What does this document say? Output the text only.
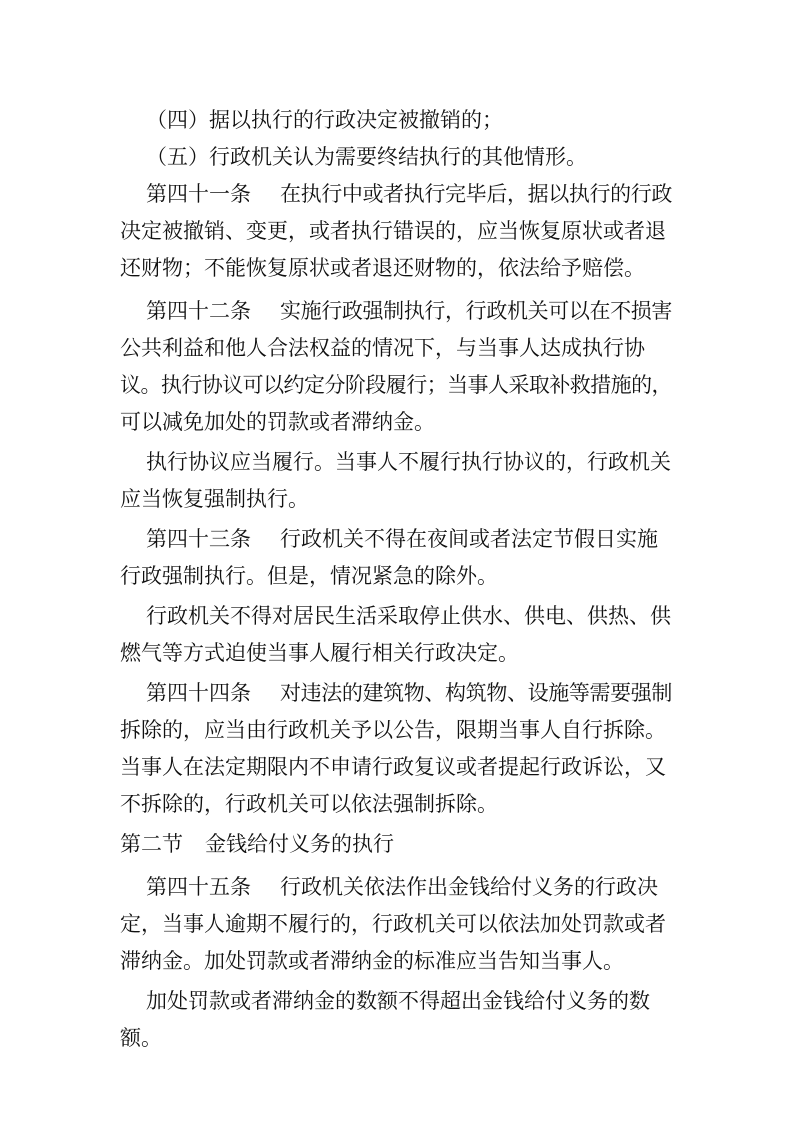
（四）据以执行的行政决定被撤销的；
（五）行政机关认为需要终结执行的其他情形。
第四十一条 在执行中或者执行完毕后，据以执行的行政
决定被撤销、变更，或者执行错误的，应当恢复原状或者退
还财物；不能恢复原状或者退还财物的，依法给予赔偿。
第四十二条 实施行政强制执行，行政机关可以在不损害
公共利益和他人合法权益的情况下，与当事人达成执行协
议。执行协议可以约定分阶段履行；当事人采取补救措施的，
可以减免加处的罚款或者滞纳金。
执行协议应当履行。当事人不履行执行协议的，行政机关
应当恢复强制执行。
第四十三条 行政机关不得在夜间或者法定节假日实施
行政强制执行。但是，情况紧急的除外。
行政机关不得对居民生活采取停止供水、供电、供热、供
燃气等方式迫使当事人履行相关行政决定。
第四十四条 对违法的建筑物、构筑物、设施等需要强制
拆除的，应当由行政机关予以公告，限期当事人自行拆除。
当事人在法定期限内不申请行政复议或者提起行政诉讼，又
不拆除的，行政机关可以依法强制拆除。
第二节 金钱给付义务的执行
第四十五条 行政机关依法作出金钱给付义务的行政决
定，当事人逾期不履行的，行政机关可以依法加处罚款或者
滞纳金。加处罚款或者滞纳金的标准应当告知当事人。
加处罚款或者滞纳金的数额不得超出金钱给付义务的数
额。
